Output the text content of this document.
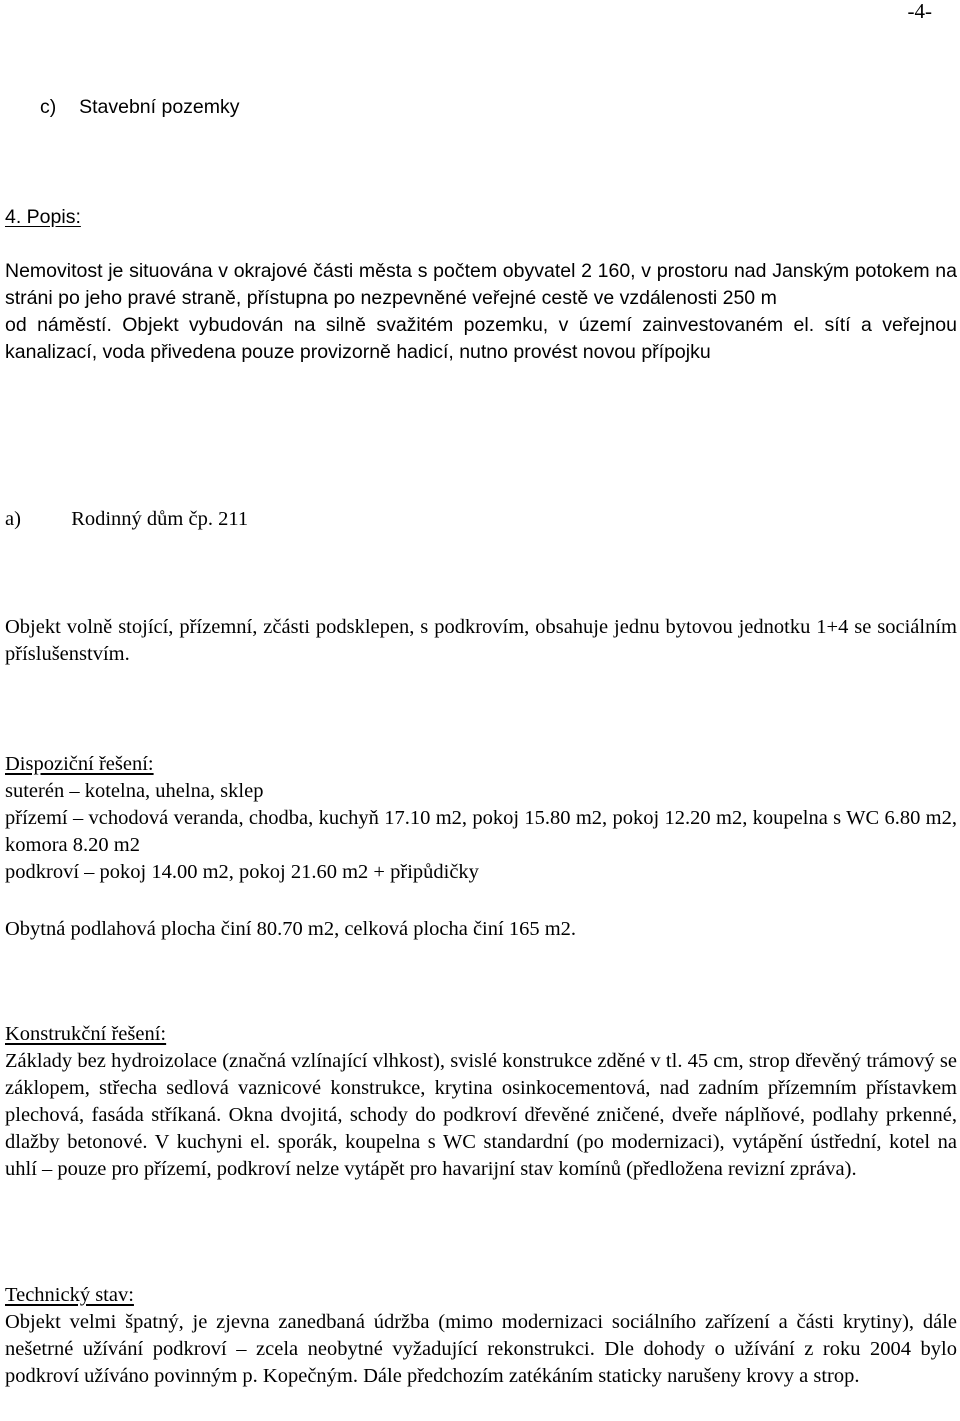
-4-
c) Stavební pozemky
4. Popis:
Nemovitost je situována v okrajové části města s počtem obyvatel 2 160, v prostoru nad Janským potokem na stráni po jeho pravé straně, přístupna po nezpevněné veřejné cestě ve vzdálenosti 250 m
od náměstí. Objekt vybudován na silně svažitém pozemku, v území zainvestovaném el. sítí a veřejnou kanalizací, voda přivedena pouze provizorně hadicí, nutno provést novou přípojku
a) Rodinný dům čp. 211

Objekt volně stojící, přízemní, zčásti podsklepen, s podkrovím, obsahuje jednu bytovou jednotku 1+4 se sociálním příslušenstvím.

Dispoziční řešení:
suterén – kotelna, uhelna, sklep
přízemí – vchodová veranda, chodba, kuchyň 17.10 m2, pokoj 15.80 m2, pokoj 12.20 m2, koupelna s WC 6.80 m2, komora 8.20 m2
podkroví – pokoj 14.00 m2, pokoj 21.60 m2 + připůdičky

Obytná podlahová plocha činí 80.70 m2, celková plocha činí 165 m2.

Konstrukční řešení:

Základy bez hydroizolace (značná vzlínající vlhkost), svislé konstrukce zděné v tl. 45 cm, strop dřevěný trámový se záklopem, střecha sedlová vaznicové konstrukce, krytina osinkocementová, nad zadním přízemním přístavkem plechová, fasáda stříkaná. Okna dvojitá, schody do podkroví dřevěné zničené, dveře náplňové, podlahy prkenné, dlažby betonové. V kuchyni el. sporák, koupelna s WC standardní (po modernizaci), vytápění ústřední, kotel na uhlí – pouze pro přízemí, podkroví nelze vytápět pro havarijní stav komínů (předložena revizní zpráva).

Technický stav:

Objekt velmi špatný, je zjevna zanedbaná údržba (mimo modernizaci sociálního zařízení a části krytiny), dále nešetrné užívání podkroví – zcela neobytné vyžadující rekonstrukci. Dle dohody o užívání z roku 2004 bylo podkroví užíváno povinným p. Kopečným. Dále předchozím zatékáním staticky narušeny krovy a strop.
